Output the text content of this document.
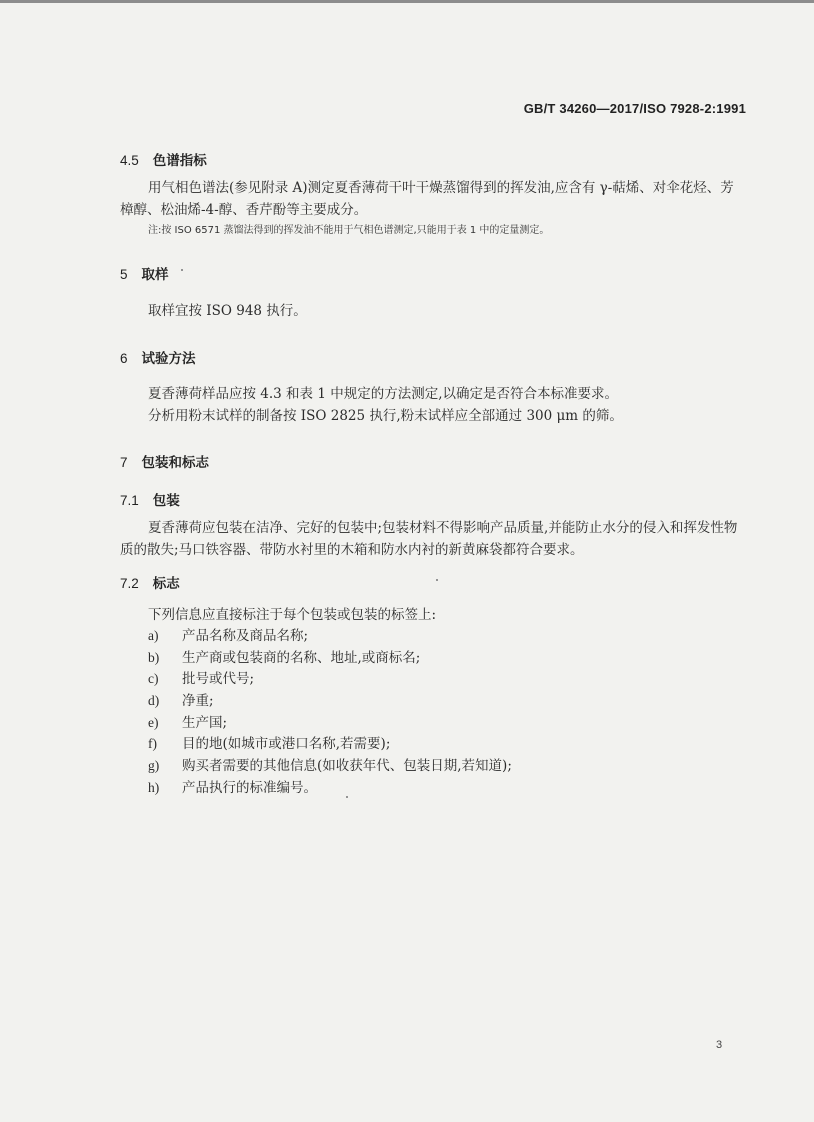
GB/T 34260—2017/ISO 7928-2:1991
4.5 色谱指标
用气相色谱法(参见附录 A)测定夏香薄荷干叶干燥蒸馏得到的挥发油,应含有 γ-萜烯、对伞花烃、芳樟醇、松油烯-4-醇、香芹酚等主要成分。
注:按 ISO 6571 蒸馏法得到的挥发油不能用于气相色谱测定,只能用于表 1 中的定量测定。
5 取样
取样宜按 ISO 948 执行。
6 试验方法
夏香薄荷样品应按 4.3 和表 1 中规定的方法测定,以确定是否符合本标准要求。
分析用粉末试样的制备按 ISO 2825 执行,粉末试样应全部通过 300 μm 的筛。
7 包装和标志
7.1 包装
夏香薄荷应包装在洁净、完好的包装中;包装材料不得影响产品质量,并能防止水分的侵入和挥发性物质的散失;马口铁容器、带防水衬里的木箱和防水内衬的新黄麻袋都符合要求。
7.2 标志
下列信息应直接标注于每个包装或包装的标签上:
a) 产品名称及商品名称;
b) 生产商或包装商的名称、地址,或商标名;
c) 批号或代号;
d) 净重;
e) 生产国;
f) 目的地(如城市或港口名称,若需要);
g) 购买者需要的其他信息(如收获年代、包装日期,若知道);
h) 产品执行的标准编号。
3
